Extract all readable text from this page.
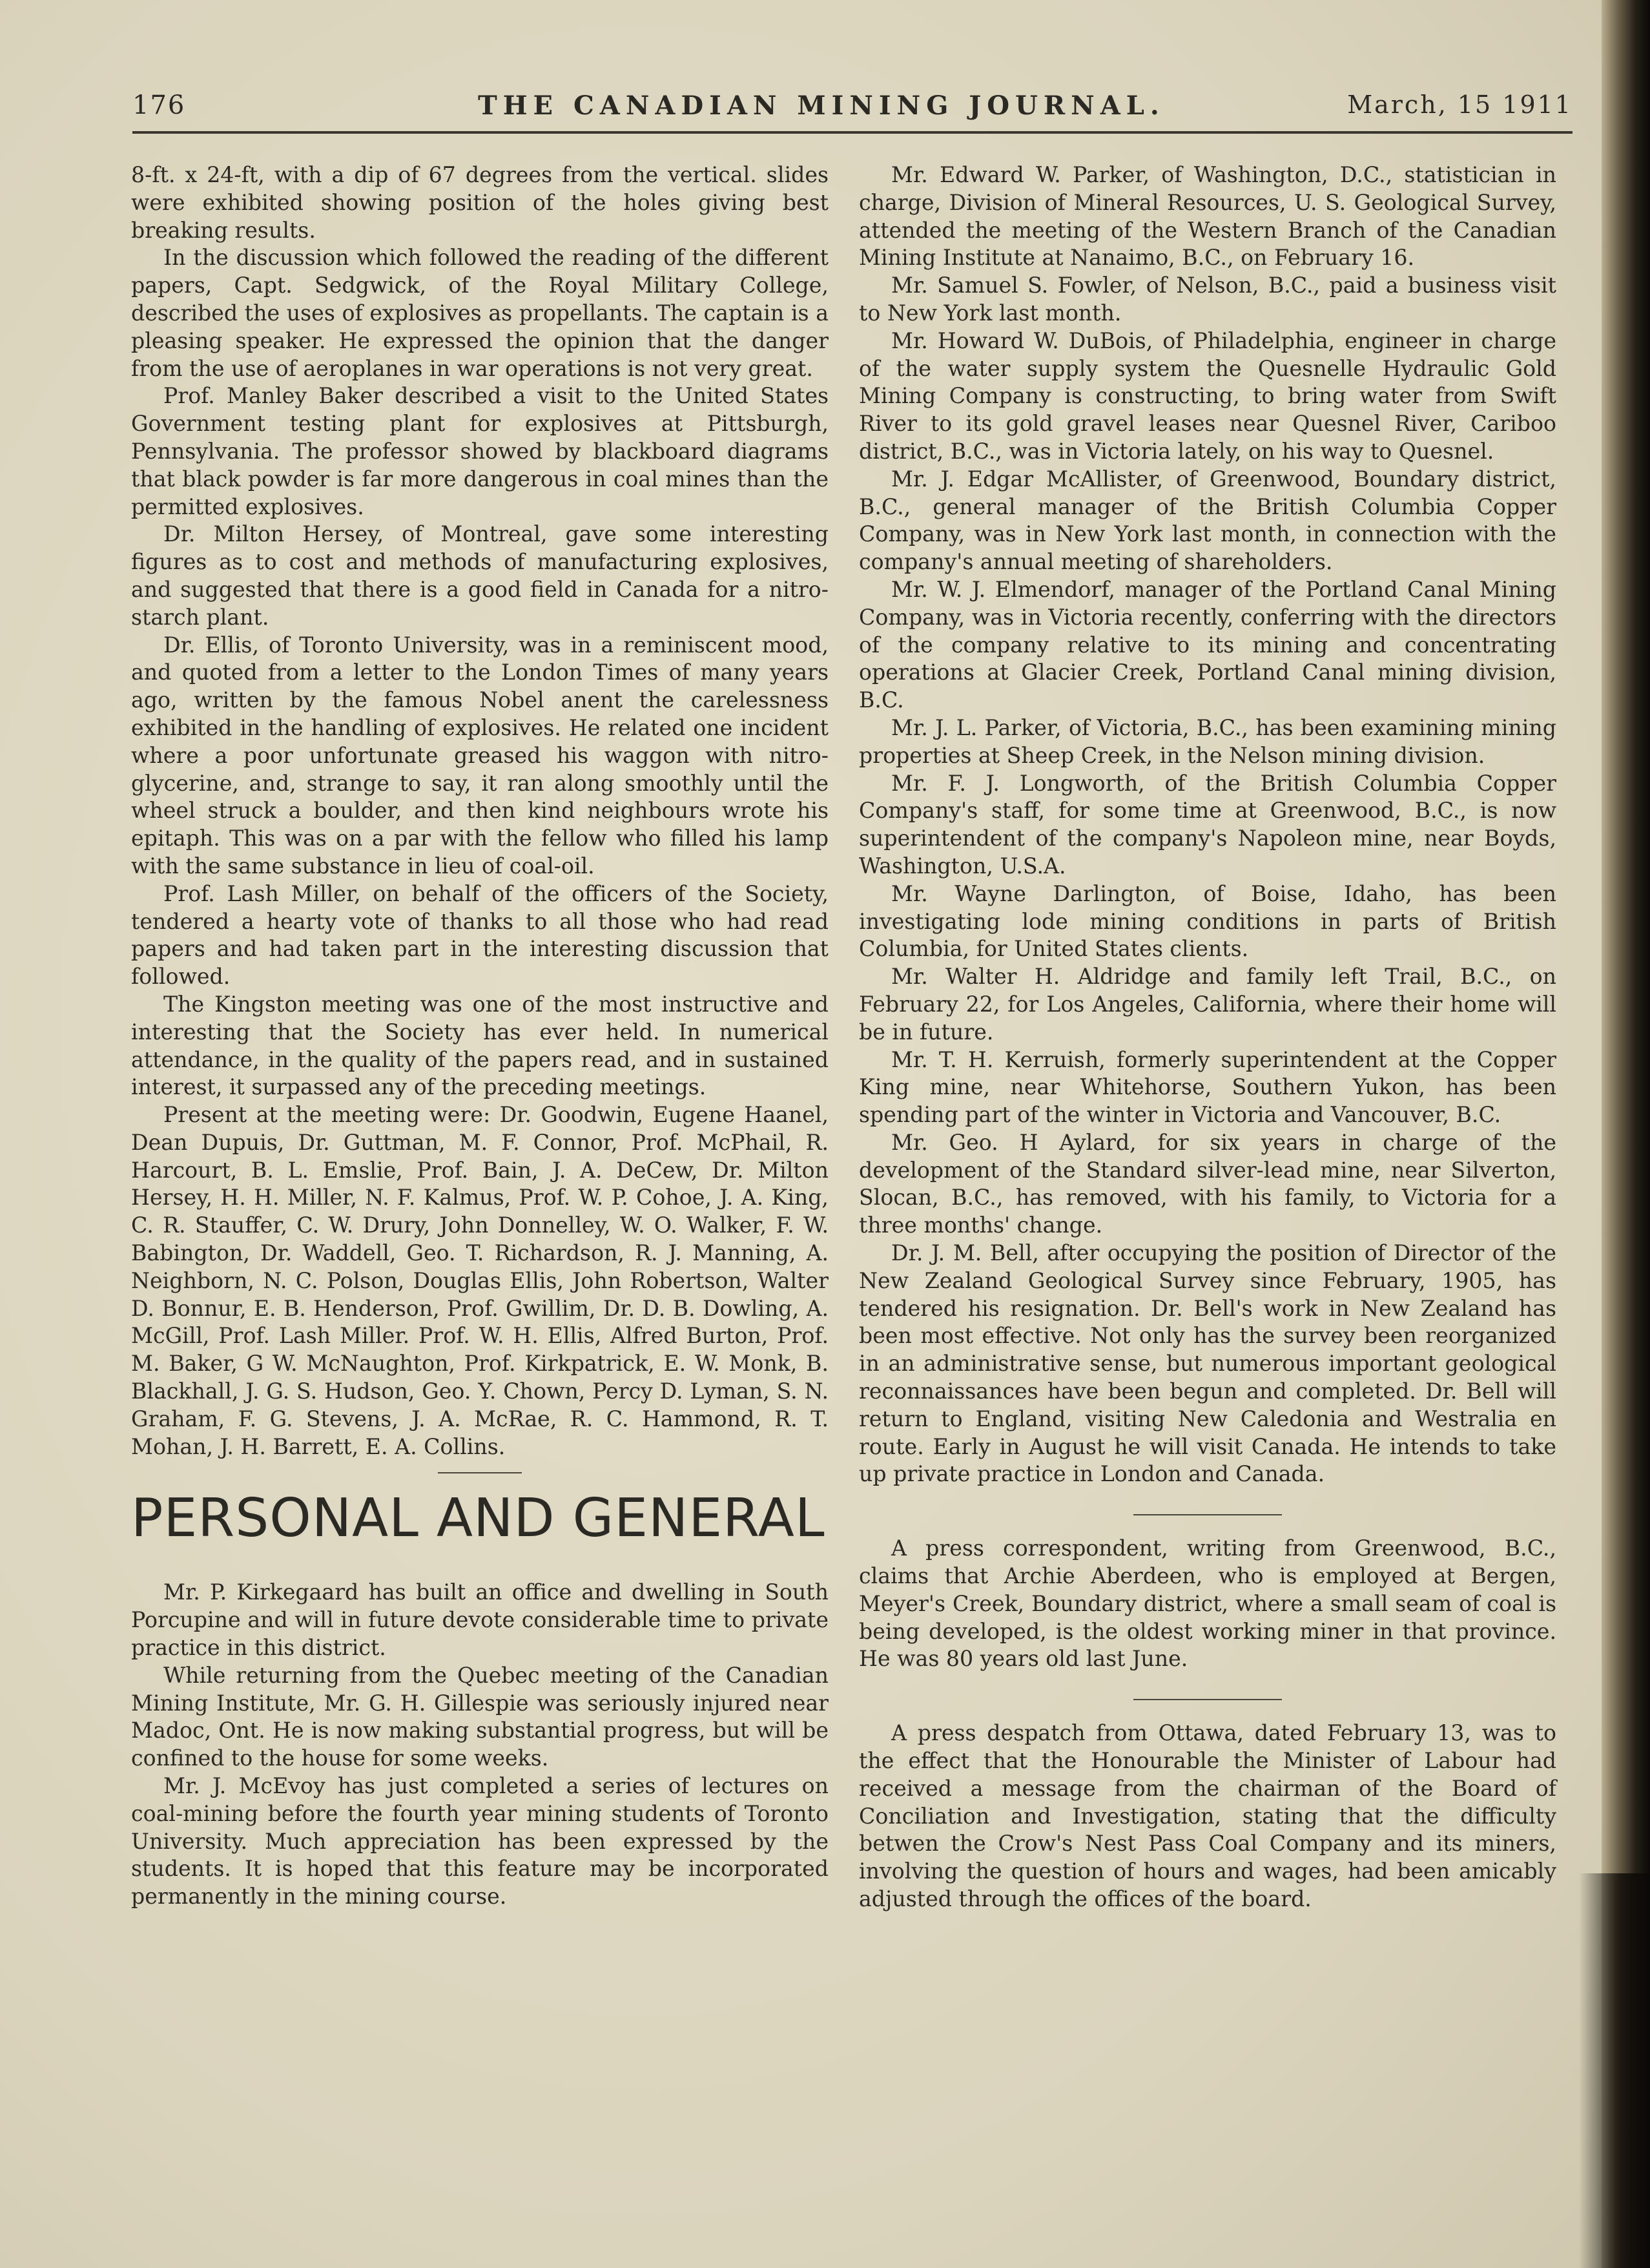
176	THE CANADIAN MINING JOURNAL.	March, 15 1911

8-ft. x 24-ft, with a dip of 67 degrees from the vertical. slides were exhibited showing position of the holes giving best breaking results.

In the discussion which followed the reading of the different papers, Capt. Sedgwick, of the Royal Military College, described the uses of explosives as propellants. The captain is a pleasing speaker. He expressed the opinion that the danger from the use of aeroplanes in war operations is not very great.

Prof. Manley Baker described a visit to the United States Government testing plant for explosives at Pittsburgh, Pennsylvania. The professor showed by blackboard diagrams that black powder is far more dangerous in coal mines than the permitted explosives.

Dr. Milton Hersey, of Montreal, gave some interesting figures as to cost and methods of manufacturing explosives, and suggested that there is a good field in Canada for a nitro-starch plant.

Dr. Ellis, of Toronto University, was in a reminiscent mood, and quoted from a letter to the London Times of many years ago, written by the famous Nobel anent the carelessness exhibited in the handling of explosives. He related one incident where a poor unfortunate greased his waggon with nitro-glycerine, and, strange to say, it ran along smoothly until the wheel struck a boulder, and then kind neighbours wrote his epitaph. This was on a par with the fellow who filled his lamp with the same substance in lieu of coal-oil.

Prof. Lash Miller, on behalf of the officers of the Society, tendered a hearty vote of thanks to all those who had read papers and had taken part in the interesting discussion that followed.

The Kingston meeting was one of the most instructive and interesting that the Society has ever held. In numerical attendance, in the quality of the papers read, and in sustained interest, it surpassed any of the preceding meetings.

Present at the meeting were: Dr. Goodwin, Eugene Haanel, Dean Dupuis, Dr. Guttman, M. F. Connor, Prof. McPhail, R. Harcourt, B. L. Emslie, Prof. Bain, J. A. DeCew, Dr. Milton Hersey, H. H. Miller, N. F. Kalmus, Prof. W. P. Cohoe, J. A. King, C. R. Stauffer, C. W. Drury, John Donnelley, W. O. Walker, F. W. Babington, Dr. Waddell, Geo. T. Richardson, R. J. Manning, A. Neighborn, N. C. Polson, Douglas Ellis, John Robertson, Walter D. Bonnur, E. B. Henderson, Prof. Gwillim, Dr. D. B. Dowling, A. McGill, Prof. Lash Miller. Prof. W. H. Ellis, Alfred Burton, Prof. M. Baker, G W. McNaughton, Prof. Kirkpatrick, E. W. Monk, B. Blackhall, J. G. S. Hudson, Geo. Y. Chown, Percy D. Lyman, S. N. Graham, F. G. Stevens, J. A. McRae, R. C. Hammond, R. T. Mohan, J. H. Barrett, E. A. Collins.

PERSONAL AND GENERAL

Mr. P. Kirkegaard has built an office and dwelling in South Porcupine and will in future devote considerable time to private practice in this district.

While returning from the Quebec meeting of the Canadian Mining Institute, Mr. G. H. Gillespie was seriously injured near Madoc, Ont. He is now making substantial progress, but will be confined to the house for some weeks.

Mr. J. McEvoy has just completed a series of lectures on coal-mining before the fourth year mining students of Toronto University. Much appreciation has been expressed by the students. It is hoped that this feature may be incorporated permanently in the mining course.

Mr. Edward W. Parker, of Washington, D.C., statistician in charge, Division of Mineral Resources, U. S. Geological Survey, attended the meeting of the Western Branch of the Canadian Mining Institute at Nanaimo, B.C., on February 16.

Mr. Samuel S. Fowler, of Nelson, B.C., paid a business visit to New York last month.

Mr. Howard W. DuBois, of Philadelphia, engineer in charge of the water supply system the Quesnelle Hydraulic Gold Mining Company is constructing, to bring water from Swift River to its gold gravel leases near Quesnel River, Cariboo district, B.C., was in Victoria lately, on his way to Quesnel.

Mr. J. Edgar McAllister, of Greenwood, Boundary district, B.C., general manager of the British Columbia Copper Company, was in New York last month, in connection with the company's annual meeting of shareholders.

Mr. W. J. Elmendorf, manager of the Portland Canal Mining Company, was in Victoria recently, conferring with the directors of the company relative to its mining and concentrating operations at Glacier Creek, Portland Canal mining division, B.C.

Mr. J. L. Parker, of Victoria, B.C., has been examining mining properties at Sheep Creek, in the Nelson mining division.

Mr. F. J. Longworth, of the British Columbia Copper Company's staff, for some time at Greenwood, B.C., is now superintendent of the company's Napoleon mine, near Boyds, Washington, U.S.A.

Mr. Wayne Darlington, of Boise, Idaho, has been investigating lode mining conditions in parts of British Columbia, for United States clients.

Mr. Walter H. Aldridge and family left Trail, B.C., on February 22, for Los Angeles, California, where their home will be in future.

Mr. T. H. Kerruish, formerly superintendent at the Copper King mine, near Whitehorse, Southern Yukon, has been spending part of the winter in Victoria and Vancouver, B.C.

Mr. Geo. H Aylard, for six years in charge of the development of the Standard silver-lead mine, near Silverton, Slocan, B.C., has removed, with his family, to Victoria for a three months' change.

Dr. J. M. Bell, after occupying the position of Director of the New Zealand Geological Survey since February, 1905, has tendered his resignation. Dr. Bell's work in New Zealand has been most effective. Not only has the survey been reorganized in an administrative sense, but numerous important geological reconnaissances have been begun and completed. Dr. Bell will return to England, visiting New Caledonia and Westralia en route. Early in August he will visit Canada. He intends to take up private practice in London and Canada.

A press correspondent, writing from Greenwood, B.C., claims that Archie Aberdeen, who is employed at Bergen, Meyer's Creek, Boundary district, where a small seam of coal is being developed, is the oldest working miner in that province. He was 80 years old last June.

A press despatch from Ottawa, dated February 13, was to the effect that the Honourable the Minister of Labour had received a message from the chairman of the Board of Conciliation and Investigation, stating that the difficulty betwen the Crow's Nest Pass Coal Company and its miners, involving the question of hours and wages, had been amicably adjusted through the offices of the board.
